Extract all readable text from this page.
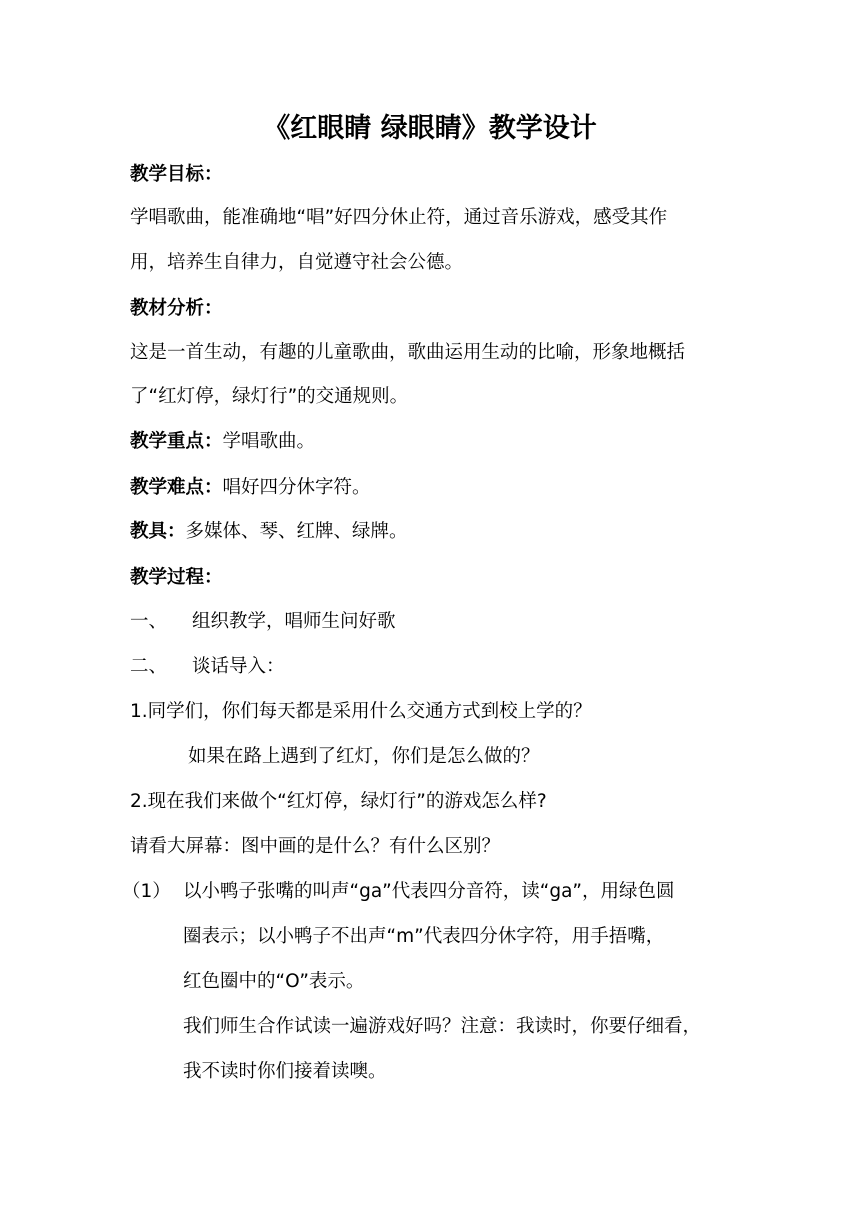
《红眼睛 绿眼睛》教学设计
教学目标：
学唱歌曲，能准确地“唱”好四分休止符，通过音乐游戏，感受其作
用，培养生自律力，自觉遵守社会公德。
教材分析：
这是一首生动，有趣的儿童歌曲，歌曲运用生动的比喻，形象地概括
了“红灯停，绿灯行”的交通规则。
教学重点：学唱歌曲。
教学难点：唱好四分休字符。
教具：多媒体、琴、红牌、绿牌。
教学过程：
一、 组织教学，唱师生问好歌
二、 谈话导入：
1.同学们，你们每天都是采用什么交通方式到校上学的？
如果在路上遇到了红灯，你们是怎么做的？
2.现在我们来做个“红灯停，绿灯行”的游戏怎么样?
请看大屏幕：图中画的是什么？有什么区别？
（1） 以小鸭子张嘴的叫声“ga”代表四分音符，读“ga”，用绿色圆
圈表示；以小鸭子不出声“m”代表四分休字符，用手捂嘴，
红色圈中的“O”表示。
我们师生合作试读一遍游戏好吗？注意：我读时，你要仔细看，
我不读时你们接着读噢。
